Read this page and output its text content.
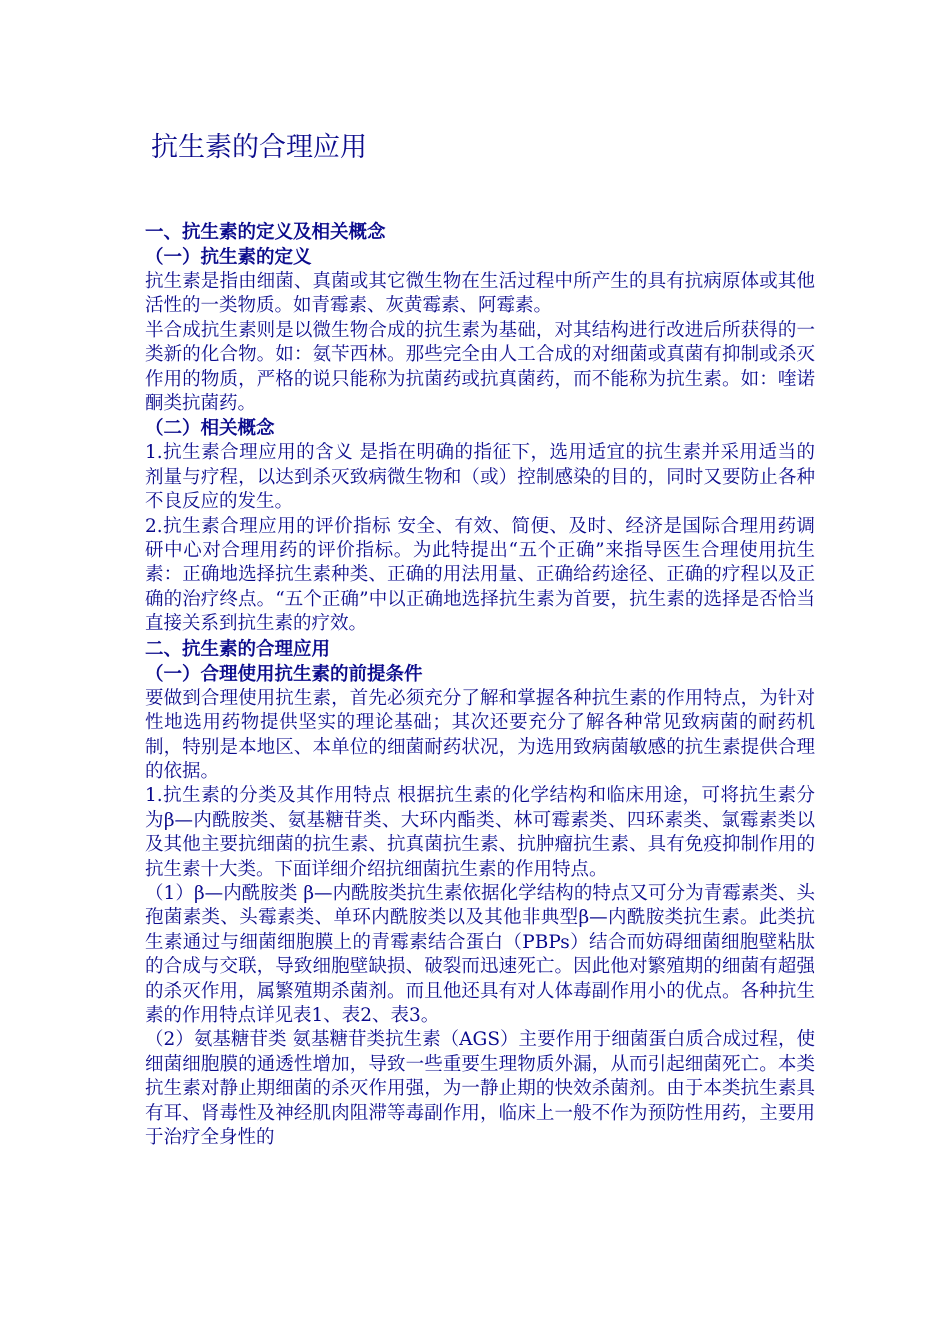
抗生素的合理应用
一、抗生素的定义及相关概念
（一）抗生素的定义

抗生素是指由细菌、真菌或其它微生物在生活过程中所产生的具有抗病原体或其他活性的一类物质。如青霉素、灰黄霉素、阿霉素。

半合成抗生素则是以微生物合成的抗生素为基础，对其结构进行改进后所获得的一类新的化合物。如：氨苄西林。那些完全由人工合成的对细菌或真菌有抑制或杀灭作用的物质，严格的说只能称为抗菌药或抗真菌药，而不能称为抗生素。如：喹诺酮类抗菌药。

（二）相关概念

1.抗生素合理应用的含义 是指在明确的指征下，选用适宜的抗生素并采用适当的剂量与疗程，以达到杀灭致病微生物和（或）控制感染的目的，同时又要防止各种不良反应的发生。

2.抗生素合理应用的评价指标 安全、有效、简便、及时、经济是国际合理用药调研中心对合理用药的评价指标。为此特提出“五个正确”来指导医生合理使用抗生素：正确地选择抗生素种类、正确的用法用量、正确给药途径、正确的疗程以及正确的治疗终点。“五个正确”中以正确地选择抗生素为首要，抗生素的选择是否恰当直接关系到抗生素的疗效。

二、抗生素的合理应用
（一）合理使用抗生素的前提条件

要做到合理使用抗生素，首先必须充分了解和掌握各种抗生素的作用特点，为针对性地选用药物提供坚实的理论基础；其次还要充分了解各种常见致病菌的耐药机制，特别是本地区、本单位的细菌耐药状况，为选用致病菌敏感的抗生素提供合理的依据。

1.抗生素的分类及其作用特点 根据抗生素的化学结构和临床用途，可将抗生素分为β—内酰胺类、氨基糖苷类、大环内酯类、林可霉素类、四环素类、氯霉素类以及其他主要抗细菌的抗生素、抗真菌抗生素、抗肿瘤抗生素、具有免疫抑制作用的抗生素十大类。下面详细介绍抗细菌抗生素的作用特点。

（1）β—内酰胺类 β—内酰胺类抗生素依据化学结构的特点又可分为青霉素类、头孢菌素类、头霉素类、单环内酰胺类以及其他非典型β—内酰胺类抗生素。此类抗生素通过与细菌细胞膜上的青霉素结合蛋白（PBPs）结合而妨碍细菌细胞壁粘肽的合成与交联，导致细胞壁缺损、破裂而迅速死亡。因此他对繁殖期的细菌有超强的杀灭作用，属繁殖期杀菌剂。而且他还具有对人体毒副作用小的优点。各种抗生素的作用特点详见表1、表2、表3。

（2）氨基糖苷类 氨基糖苷类抗生素（AGS）主要作用于细菌蛋白质合成过程，使细菌细胞膜的通透性增加，导致一些重要生理物质外漏，从而引起细菌死亡。本类抗生素对静止期细菌的杀灭作用强，为一静止期的快效杀菌剂。由于本类抗生素具有耳、肾毒性及神经肌肉阻滞等毒副作用，临床上一般不作为预防性用药，主要用于治疗全身性的
